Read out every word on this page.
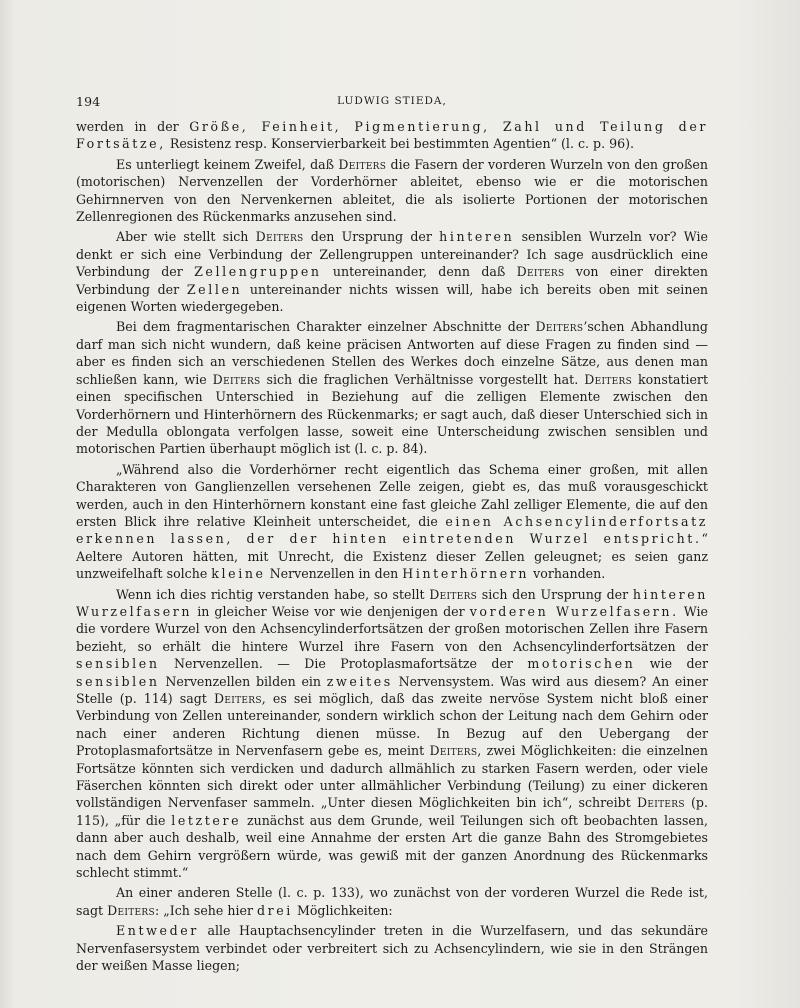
194	LUDWIG STIEDA,

werden in der Größe, Feinheit, Pigmentierung, Zahl und Teilung der Fortsätze, Resistenz resp. Konservierbarkeit bei bestimmten Agentien“ (l. c. p. 96).

Es unterliegt keinem Zweifel, daß Deiters die Fasern der vorderen Wurzeln von den großen (motorischen) Nervenzellen der Vorderhörner ableitet, ebenso wie er die motorischen Gehirnnerven von den Nervenkernen ableitet, die als isolierte Portionen der motorischen Zellenregionen des Rückenmarks anzusehen sind.

Aber wie stellt sich Deiters den Ursprung der hinteren sensiblen Wurzeln vor? Wie denkt er sich eine Verbindung der Zellengruppen untereinander? Ich sage ausdrücklich eine Verbindung der Zellengruppen untereinander, denn daß Deiters von einer direkten Verbindung der Zellen untereinander nichts wissen will, habe ich bereits oben mit seinen eigenen Worten wiedergegeben.

Bei dem fragmentarischen Charakter einzelner Abschnitte der Deiters’schen Abhandlung darf man sich nicht wundern, daß keine präcisen Antworten auf diese Fragen zu finden sind — aber es finden sich an verschiedenen Stellen des Werkes doch einzelne Sätze, aus denen man schließen kann, wie Deiters sich die fraglichen Verhältnisse vorgestellt hat. Deiters konstatiert einen specifischen Unterschied in Beziehung auf die zelligen Elemente zwischen den Vorderhörnern und Hinterhörnern des Rückenmarks; er sagt auch, daß dieser Unterschied sich in der Medulla oblongata verfolgen lasse, soweit eine Unterscheidung zwischen sensiblen und motorischen Partien überhaupt möglich ist (l. c. p. 84).

„Während also die Vorderhörner recht eigentlich das Schema einer großen, mit allen Charakteren von Ganglienzellen versehenen Zelle zeigen, giebt es, das muß vorausgeschickt werden, auch in den Hinterhörnern konstant eine fast gleiche Zahl zelliger Elemente, die auf den ersten Blick ihre relative Kleinheit unterscheidet, die einen Achsencylinderfortsatz erkennen lassen, der der hinten eintretenden Wurzel entspricht.“ Aeltere Autoren hätten, mit Unrecht, die Existenz dieser Zellen geleugnet; es seien ganz unzweifelhaft solche kleine Nervenzellen in den Hinterhörnern vorhanden.

Wenn ich dies richtig verstanden habe, so stellt Deiters sich den Ursprung der hinteren Wurzelfasern in gleicher Weise vor wie denjenigen der vorderen Wurzelfasern. Wie die vordere Wurzel von den Achsencylinderfortsätzen der großen motorischen Zellen ihre Fasern bezieht, so erhält die hintere Wurzel ihre Fasern von den Achsencylinderfortsätzen der sensiblen Nervenzellen. — Die Protoplasmafortsätze der motorischen wie der sensiblen Nervenzellen bilden ein zweites Nervensystem. Was wird aus diesem? An einer Stelle (p. 114) sagt Deiters, es sei möglich, daß das zweite nervöse System nicht bloß einer Verbindung von Zellen untereinander, sondern wirklich schon der Leitung nach dem Gehirn oder nach einer anderen Richtung dienen müsse. In Bezug auf den Uebergang der Protoplasmafortsätze in Nervenfasern gebe es, meint Deiters, zwei Möglichkeiten: die einzelnen Fortsätze könnten sich verdicken und dadurch allmählich zu starken Fasern werden, oder viele Fäserchen könnten sich direkt oder unter allmählicher Verbindung (Teilung) zu einer dickeren vollständigen Nervenfaser sammeln. „Unter diesen Möglichkeiten bin ich“, schreibt Deiters (p. 115), „für die letztere zunächst aus dem Grunde, weil Teilungen sich oft beobachten lassen, dann aber auch deshalb, weil eine Annahme der ersten Art die ganze Bahn des Stromgebietes nach dem Gehirn vergrößern würde, was gewiß mit der ganzen Anordnung des Rückenmarks schlecht stimmt.“

An einer anderen Stelle (l. c. p. 133), wo zunächst von der vorderen Wurzel die Rede ist, sagt Deiters: „Ich sehe hier drei Möglichkeiten:

Entweder alle Hauptachsencylinder treten in die Wurzelfasern, und das sekundäre Nervenfasersystem verbindet oder verbreitert sich zu Achsencylindern, wie sie in den Strängen der weißen Masse liegen;
